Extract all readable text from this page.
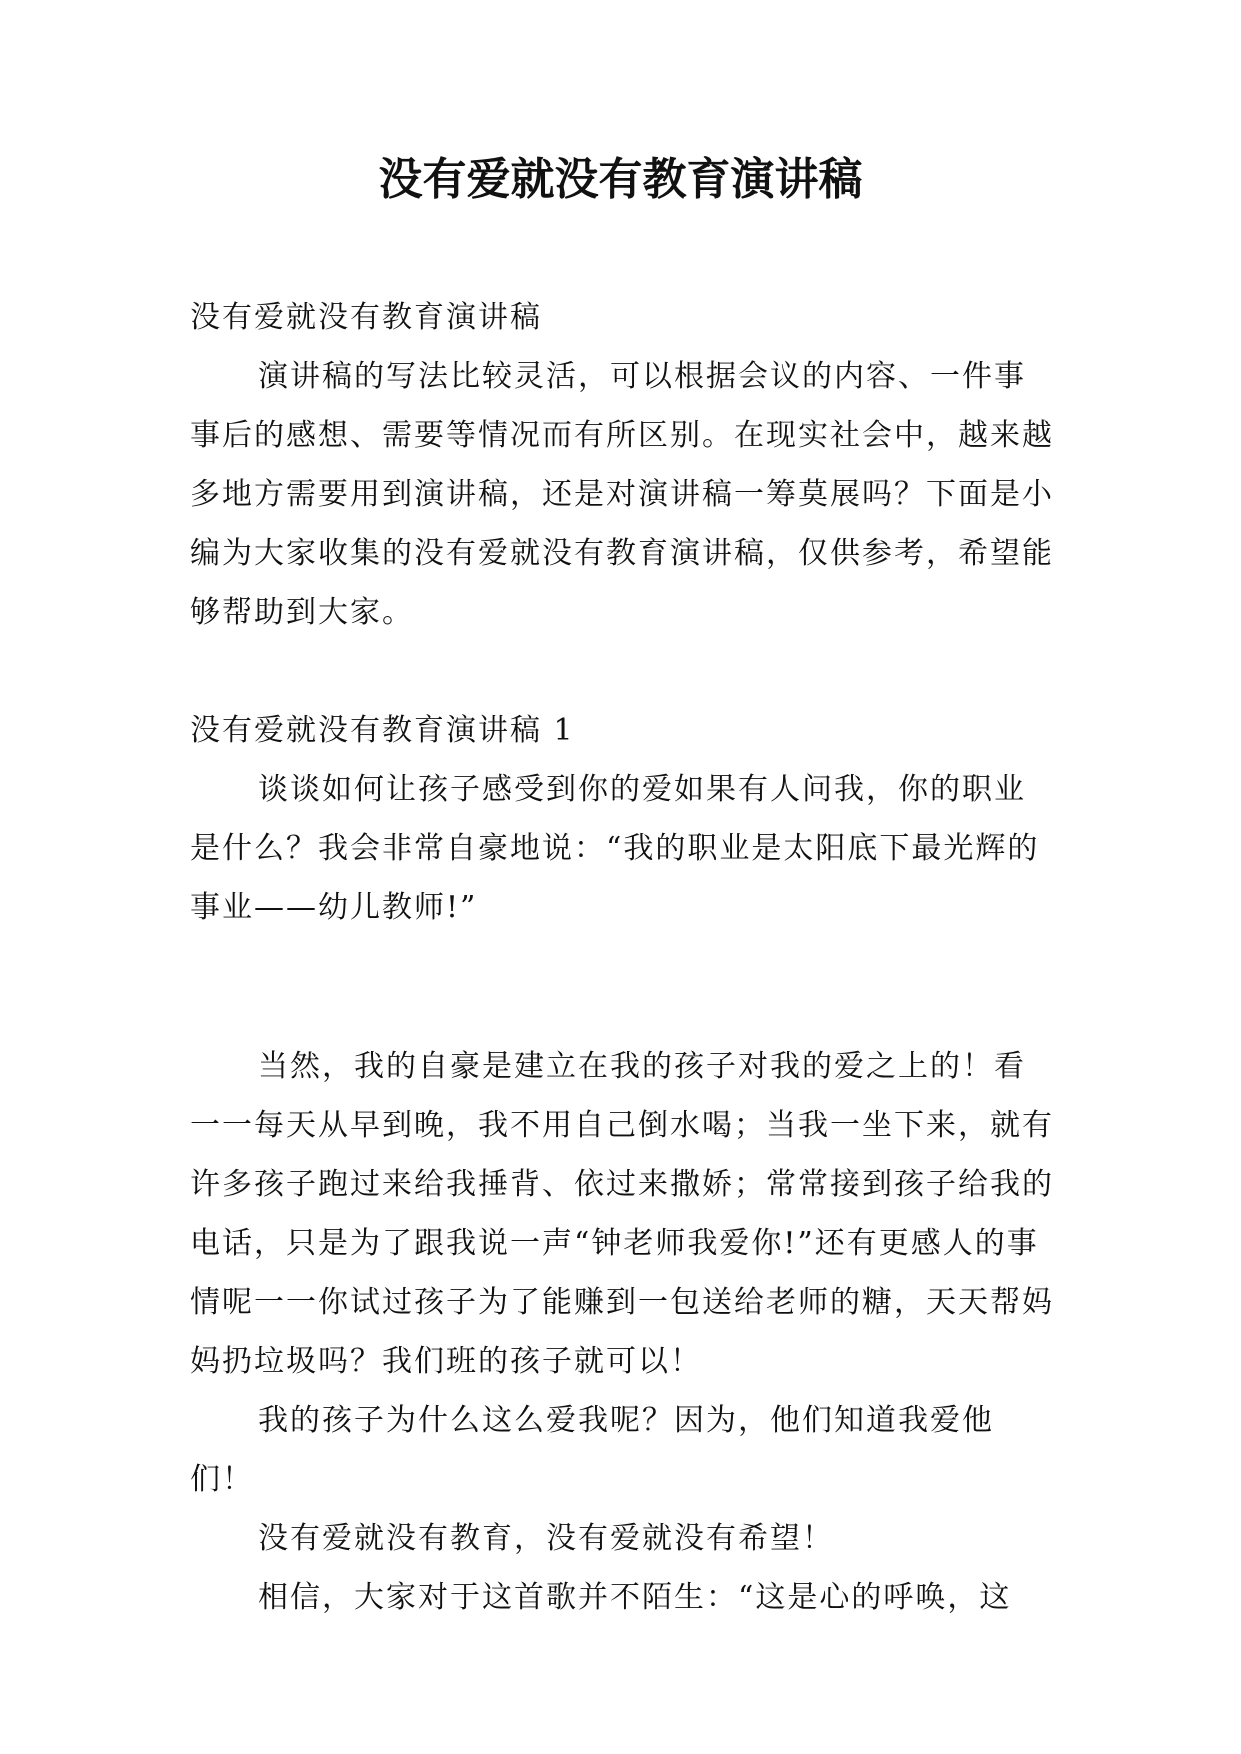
没有爱就没有教育演讲稿

没有爱就没有教育演讲稿

演讲稿的写法比较灵活，可以根据会议的内容、一件事事后的感想、需要等情况而有所区别。在现实社会中，越来越多地方需要用到演讲稿，还是对演讲稿一筹莫展吗？下面是小编为大家收集的没有爱就没有教育演讲稿，仅供参考，希望能够帮助到大家。

没有爱就没有教育演讲稿 1

谈谈如何让孩子感受到你的爱如果有人问我，你的职业是什么？我会非常自豪地说：“我的职业是太阳底下最光辉的事业——幼儿教师!”

当然，我的自豪是建立在我的孩子对我的爱之上的！看一一每天从早到晚，我不用自己倒水喝；当我一坐下来，就有许多孩子跑过来给我捶背、依过来撒娇；常常接到孩子给我的电话，只是为了跟我说一声“钟老师我爱你!”还有更感人的事情呢一一你试过孩子为了能赚到一包送给老师的糖，天天帮妈妈扔垃圾吗？我们班的孩子就可以！

我的孩子为什么这么爱我呢？因为，他们知道我爱他们！

没有爱就没有教育，没有爱就没有希望！

相信，大家对于这首歌并不陌生：“这是心的呼唤，这
